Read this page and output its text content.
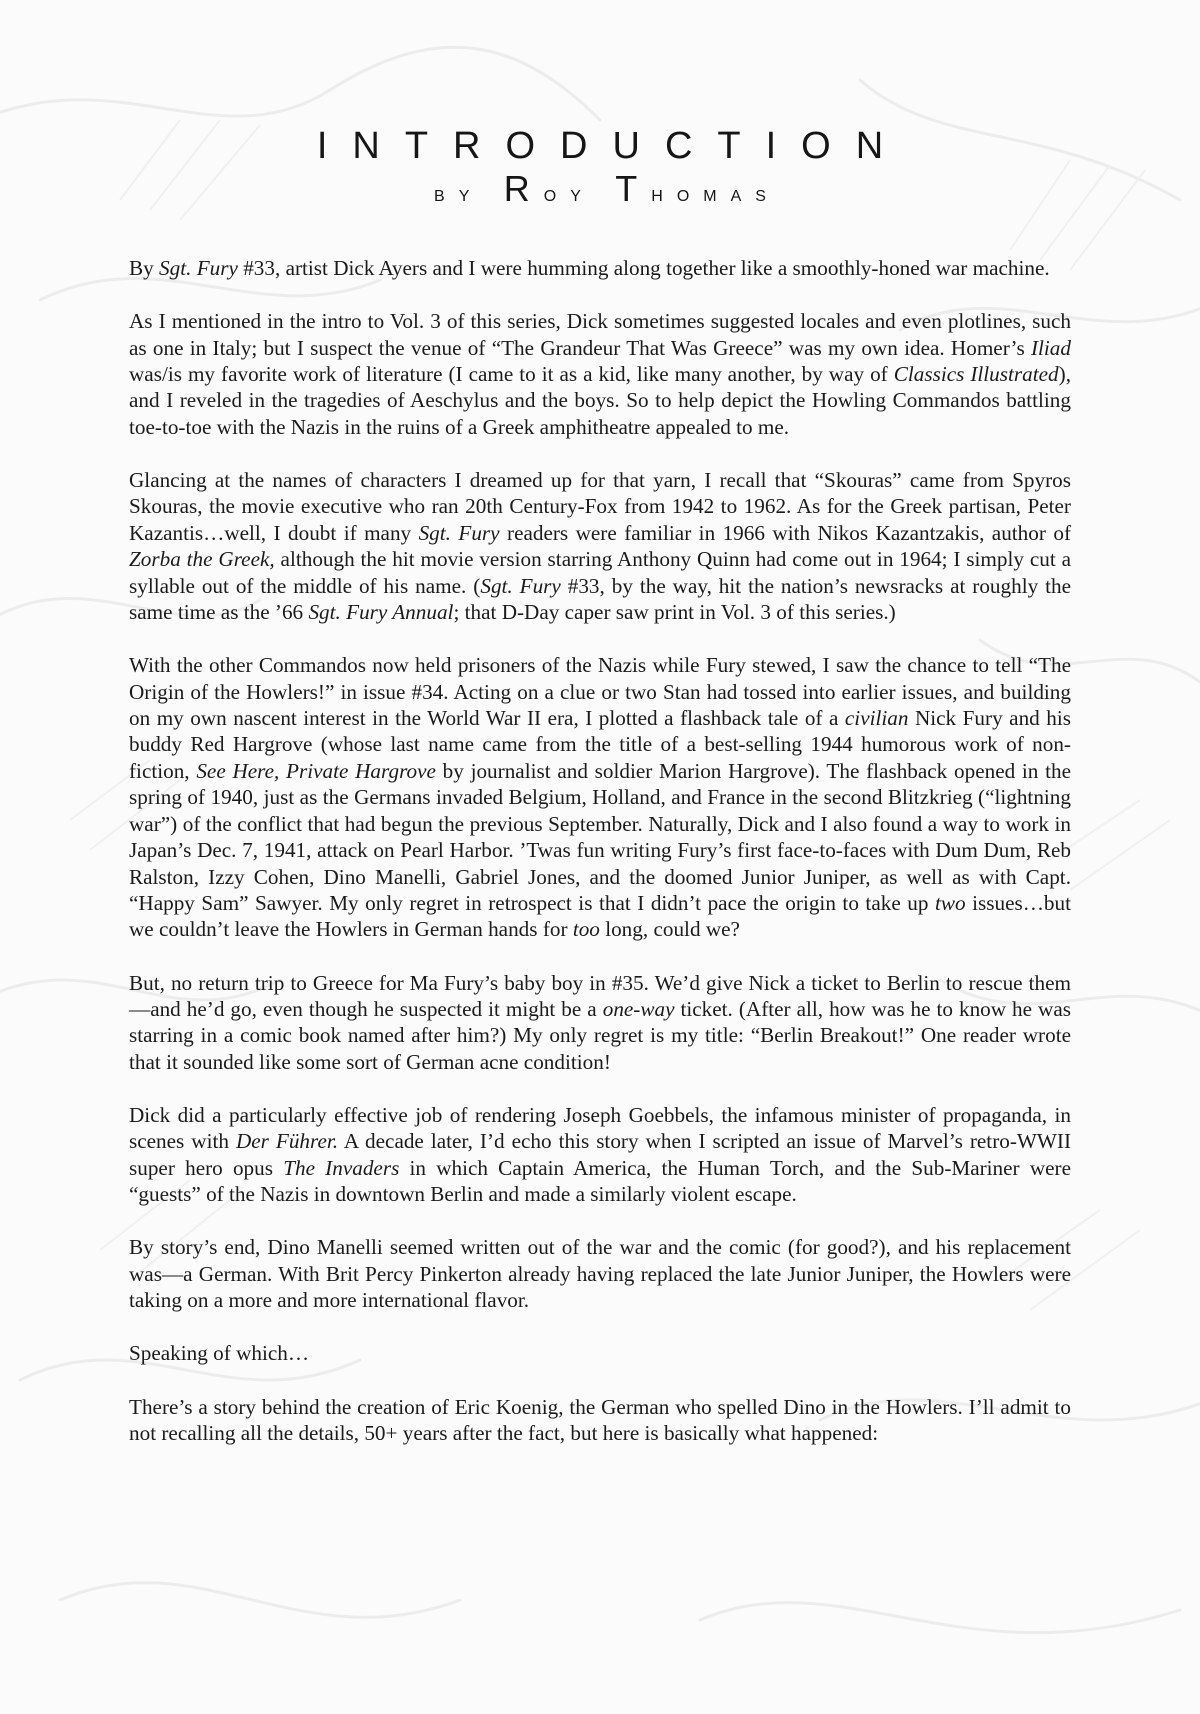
INTRODUCTION
by Roy Thomas

By Sgt. Fury #33, artist Dick Ayers and I were humming along together like a smoothly-honed war machine.

As I mentioned in the intro to Vol. 3 of this series, Dick sometimes suggested locales and even plotlines, such as one in Italy; but I suspect the venue of “The Grandeur That Was Greece” was my own idea. Homer’s Iliad was/is my favorite work of literature (I came to it as a kid, like many another, by way of Classics Illustrated), and I reveled in the tragedies of Aeschylus and the boys. So to help depict the Howling Commandos battling toe-to-toe with the Nazis in the ruins of a Greek amphitheatre appealed to me.

Glancing at the names of characters I dreamed up for that yarn, I recall that “Skouras” came from Spyros Skouras, the movie executive who ran 20th Century-Fox from 1942 to 1962. As for the Greek partisan, Peter Kazantis…well, I doubt if many Sgt. Fury readers were familiar in 1966 with Nikos Kazantzakis, author of Zorba the Greek, although the hit movie version starring Anthony Quinn had come out in 1964; I simply cut a syllable out of the middle of his name. (Sgt. Fury #33, by the way, hit the nation’s newsracks at roughly the same time as the ’66 Sgt. Fury Annual; that D-Day caper saw print in Vol. 3 of this series.)

With the other Commandos now held prisoners of the Nazis while Fury stewed, I saw the chance to tell “The Origin of the Howlers!” in issue #34. Acting on a clue or two Stan had tossed into earlier issues, and building on my own nascent interest in the World War II era, I plotted a flashback tale of a civilian Nick Fury and his buddy Red Hargrove (whose last name came from the title of a best-selling 1944 humorous work of non-fiction, See Here, Private Hargrove by journalist and soldier Marion Hargrove). The flashback opened in the spring of 1940, just as the Germans invaded Belgium, Holland, and France in the second Blitzkrieg (“lightning war”) of the conflict that had begun the previous September. Naturally, Dick and I also found a way to work in Japan’s Dec. 7, 1941, attack on Pearl Harbor. ’Twas fun writing Fury’s first face-to-faces with Dum Dum, Reb Ralston, Izzy Cohen, Dino Manelli, Gabriel Jones, and the doomed Junior Juniper, as well as with Capt. “Happy Sam” Sawyer. My only regret in retrospect is that I didn’t pace the origin to take up two issues…but we couldn’t leave the Howlers in German hands for too long, could we?

But, no return trip to Greece for Ma Fury’s baby boy in #35. We’d give Nick a ticket to Berlin to rescue them—and he’d go, even though he suspected it might be a one-way ticket. (After all, how was he to know he was starring in a comic book named after him?) My only regret is my title: “Berlin Breakout!” One reader wrote that it sounded like some sort of German acne condition!

Dick did a particularly effective job of rendering Joseph Goebbels, the infamous minister of propaganda, in scenes with Der Führer. A decade later, I’d echo this story when I scripted an issue of Marvel’s retro-WWII super hero opus The Invaders in which Captain America, the Human Torch, and the Sub-Mariner were “guests” of the Nazis in downtown Berlin and made a similarly violent escape.

By story’s end, Dino Manelli seemed written out of the war and the comic (for good?), and his replacement was—a German. With Brit Percy Pinkerton already having replaced the late Junior Juniper, the Howlers were taking on a more and more international flavor.

Speaking of which…

There’s a story behind the creation of Eric Koenig, the German who spelled Dino in the Howlers. I’ll admit to not recalling all the details, 50+ years after the fact, but here is basically what happened:
